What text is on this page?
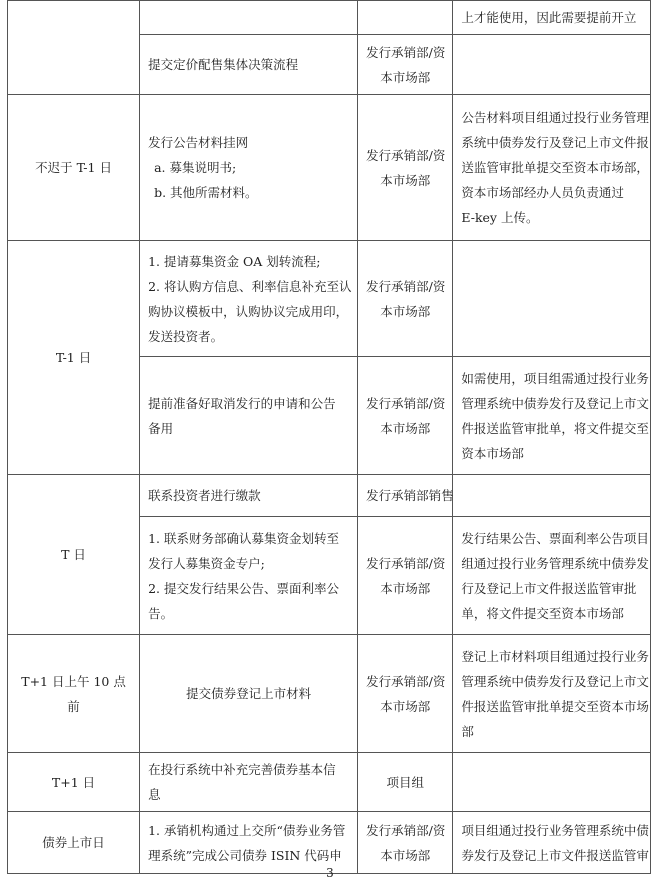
			上才能使用，因此需要提前开立

	提交定价配售集体决策流程	发行承销部/资
本市场部	

不迟于 T-1 日	发行公告材料挂网
a. 募集说明书;
b. 其他所需材料。	发行承销部/资
本市场部	公告材料项目组通过投行业务管理
系统中债券发行及登记上市文件报
送监管审批单提交至资本市场部，
资本市场部经办人员负责通过
E-key 上传。

T-1 日	1. 提请募集资金 OA 划转流程;
2. 将认购方信息、利率信息补充至认
购协议模板中，认购协议完成用印，
发送投资者。	发行承销部/资
本市场部	

	提前准备好取消发行的申请和公告
备用	发行承销部/资
本市场部	如需使用，项目组需通过投行业务
管理系统中债券发行及登记上市文
件报送监管审批单，将文件提交至
资本市场部

T 日	联系投资者进行缴款	发行承销部销售	

	1. 联系财务部确认募集资金划转至
发行人募集资金专户;
2. 提交发行结果公告、票面利率公
告。	发行承销部/资
本市场部	发行结果公告、票面利率公告项目
组通过投行业务管理系统中债券发
行及登记上市文件报送监管审批
单，将文件提交至资本市场部

T+1 日上午 10 点前	提交债券登记上市材料	发行承销部/资
本市场部	登记上市材料项目组通过投行业务
管理系统中债券发行及登记上市文
件报送监管审批单提交至资本市场
部

T+1 日	在投行系统中补充完善债券基本信
息	项目组	

债券上市日	1. 承销机构通过上交所“债券业务管
理系统”完成公司债券 ISIN 代码申	发行承销部/资
本市场部	项目组通过投行业务管理系统中债
券发行及登记上市文件报送监管审
3
